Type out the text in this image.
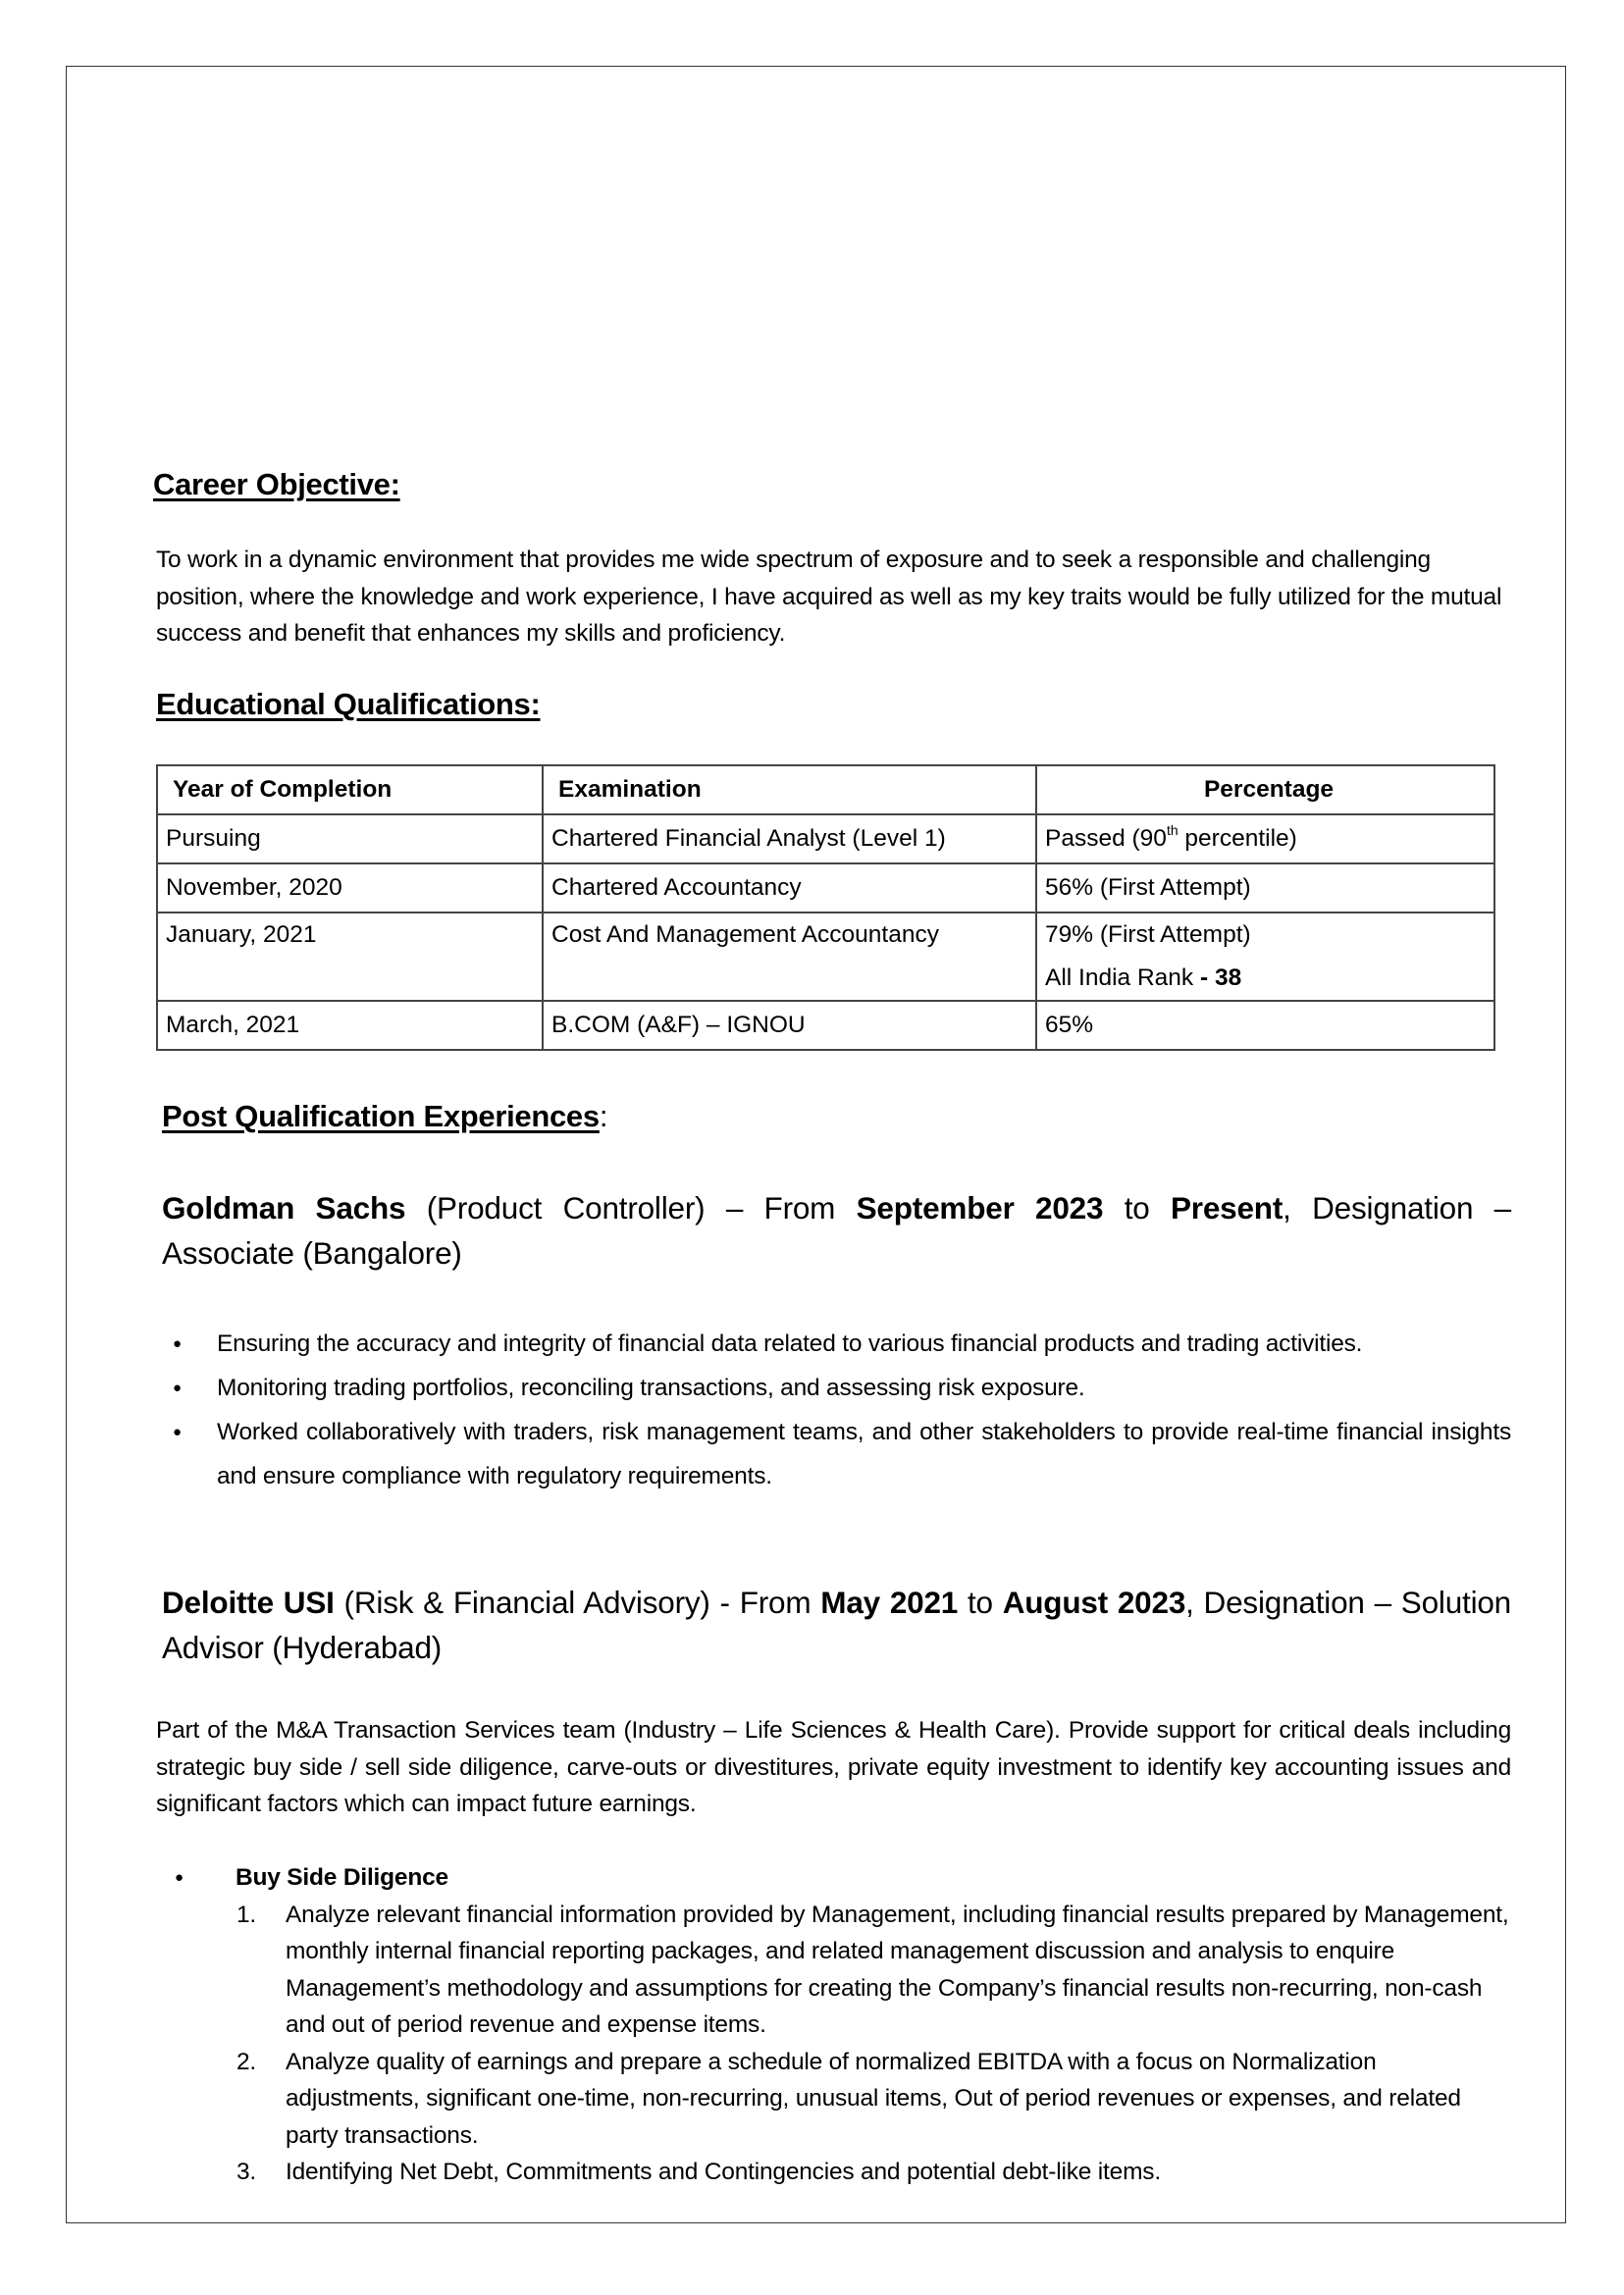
Career Objective:
To work in a dynamic environment that provides me wide spectrum of exposure and to seek a responsible and challenging position, where the knowledge and work experience, I have acquired as well as my key traits would be fully utilized for the mutual success and benefit that enhances my skills and proficiency.
Educational Qualifications:
Year of Completion	Examination	Percentage
Pursuing	Chartered Financial Analyst (Level 1)	Passed (90th percentile)
November, 2020	Chartered Accountancy	56% (First Attempt)
January, 2021	Cost And Management Accountancy	79% (First Attempt)
All India Rank - 38

March, 2021	B.COM (A&F) – IGNOU	65%
Post Qualification Experiences:
Goldman Sachs (Product Controller) – From September 2023 to Present, Designation – Associate (Bangalore)
● Ensuring the accuracy and integrity of financial data related to various financial products and trading activities.
● Monitoring trading portfolios, reconciling transactions, and assessing risk exposure.
● Worked collaboratively with traders, risk management teams, and other stakeholders to provide real-time financial insights and ensure compliance with regulatory requirements.
Deloitte USI (Risk & Financial Advisory) - From May 2021 to August 2023, Designation – Solution Advisor (Hyderabad)
Part of the M&A Transaction Services team (Industry – Life Sciences & Health Care). Provide support for critical deals including strategic buy side / sell side diligence, carve-outs or divestitures, private equity investment to identify key accounting issues and significant factors which can impact future earnings.
● Buy Side Diligence
1. Analyze relevant financial information provided by Management, including financial results prepared by Management, monthly internal financial reporting packages, and related management discussion and analysis to enquire Management’s methodology and assumptions for creating the Company’s financial results non-recurring, non-cash and out of period revenue and expense items.
2. Analyze quality of earnings and prepare a schedule of normalized EBITDA with a focus on Normalization adjustments, significant one-time, non-recurring, unusual items, Out of period revenues or expenses, and related party transactions.
3. Identifying Net Debt, Commitments and Contingencies and potential debt-like items.
